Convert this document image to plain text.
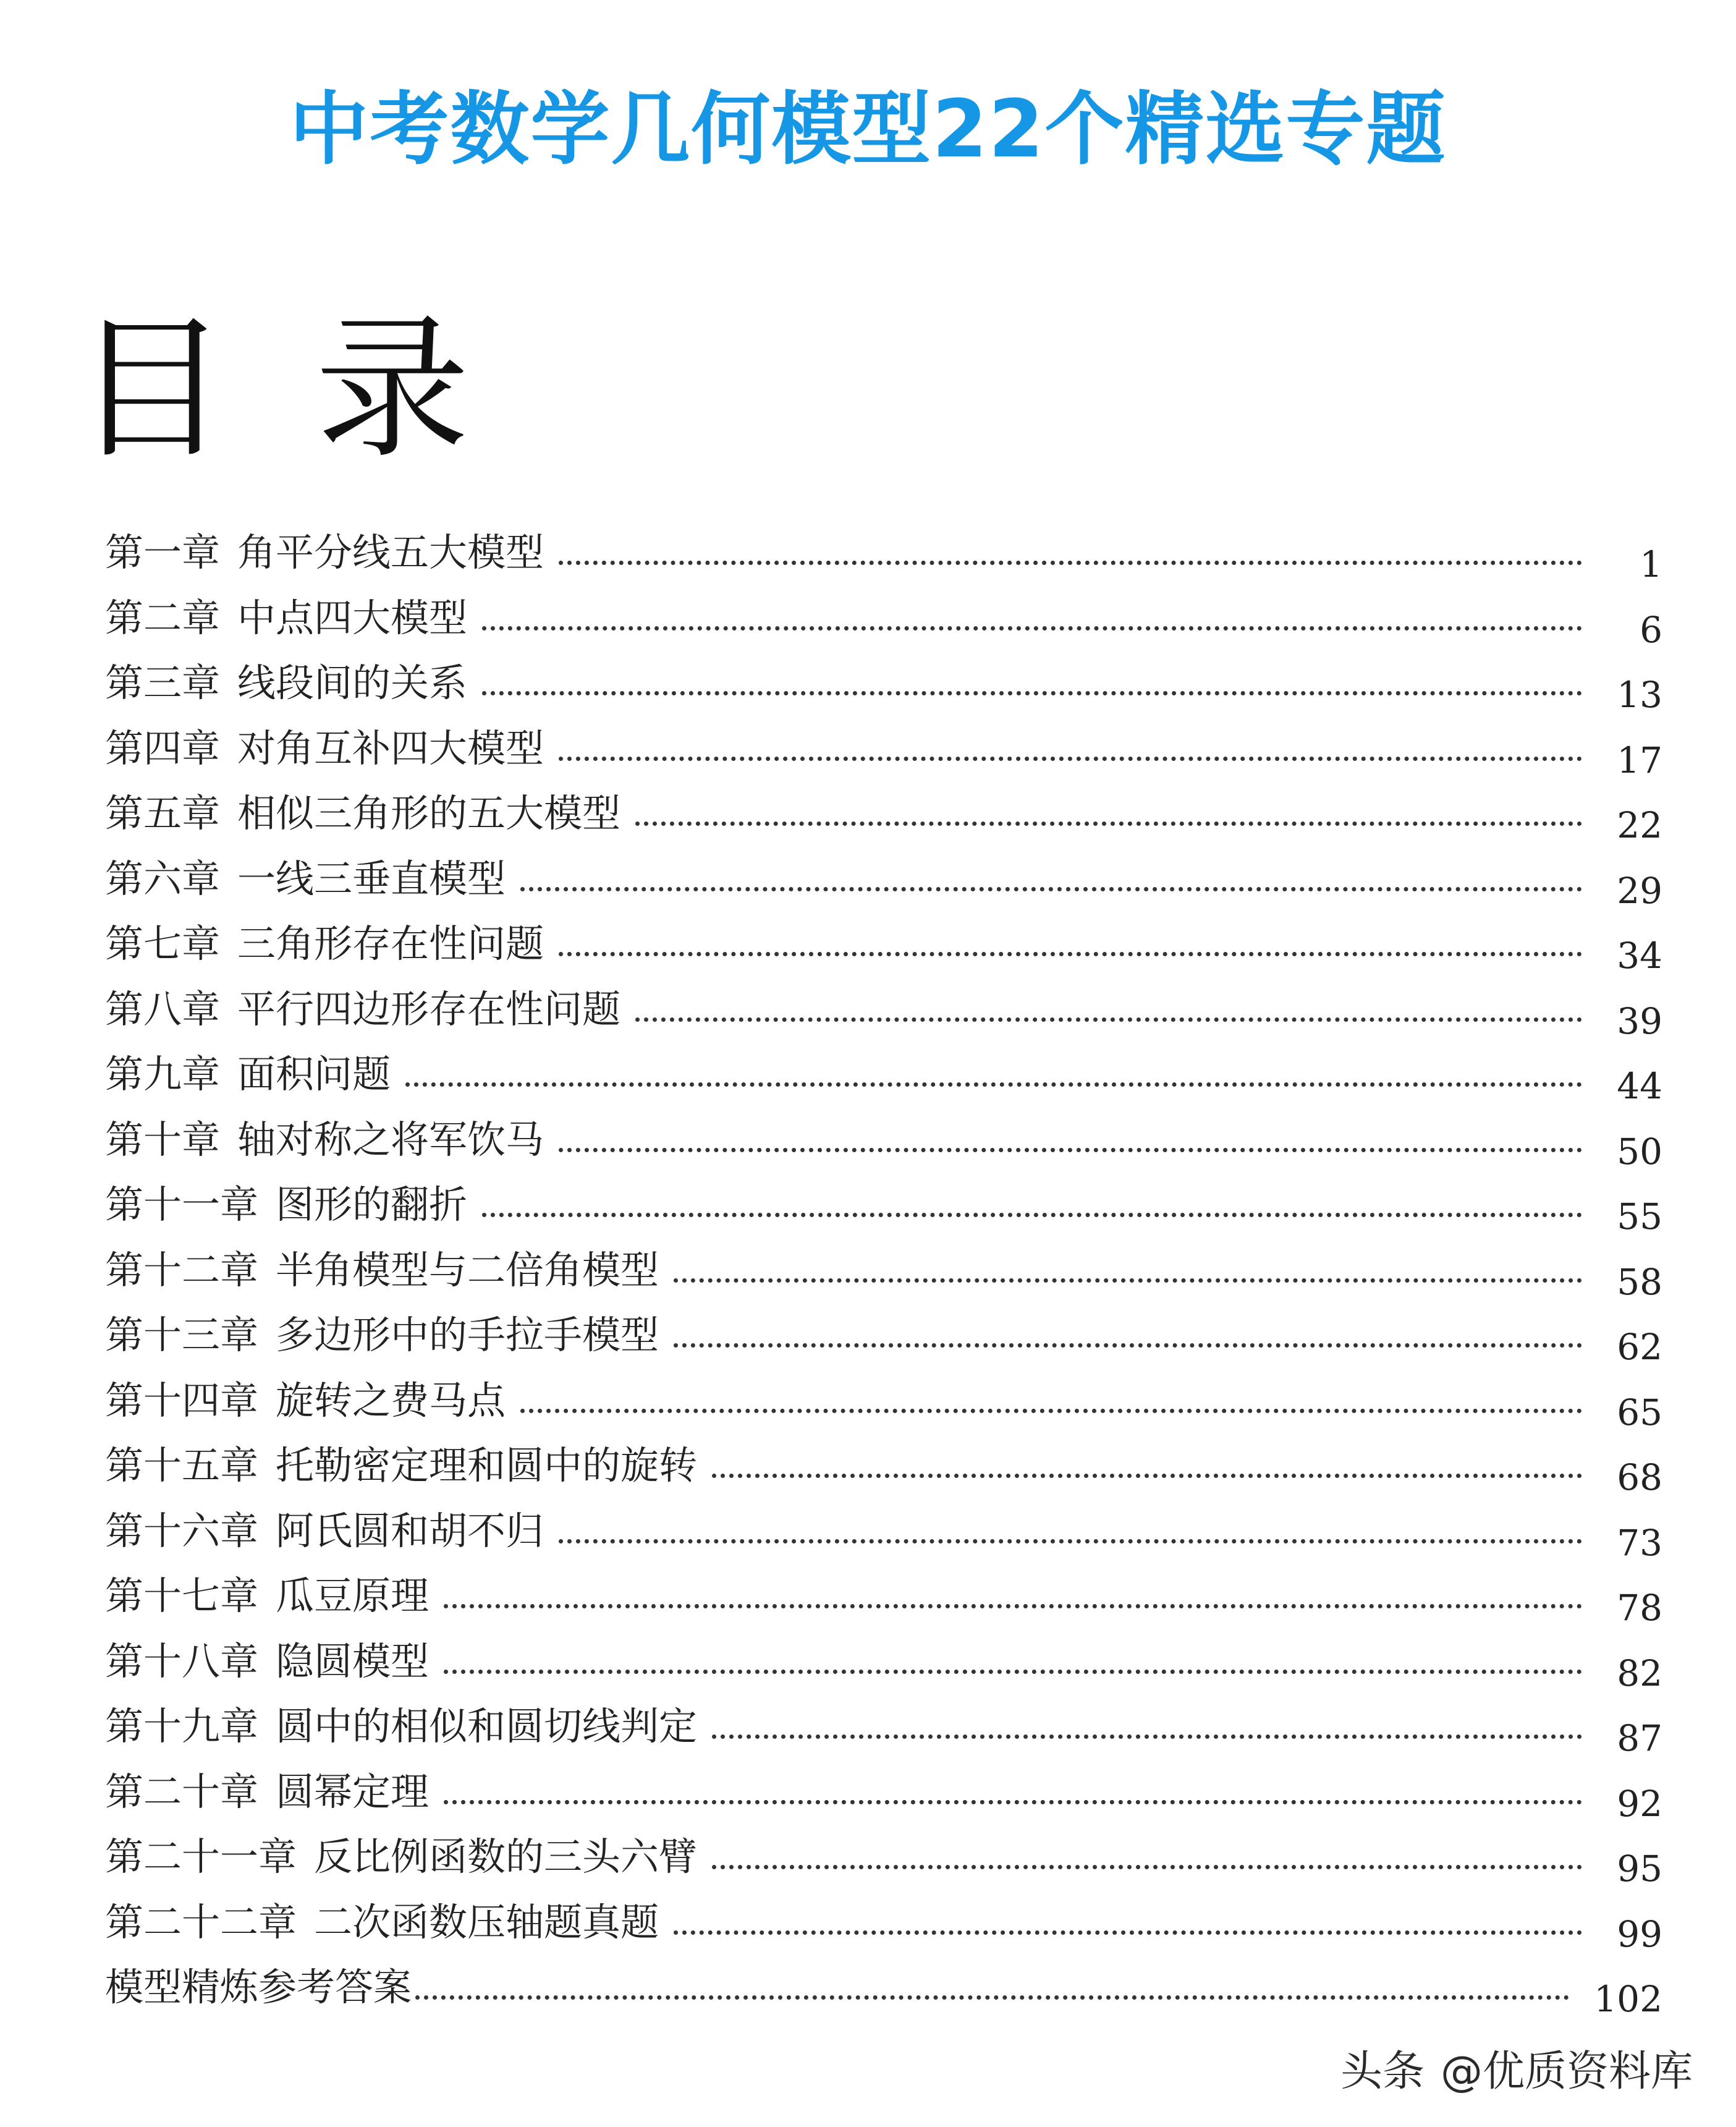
中考数学几何模型22个精选专题
目录
第一章 角平分线五大模型	1
第二章 中点四大模型	6
第三章 线段间的关系	13
第四章 对角互补四大模型	17
第五章 相似三角形的五大模型	22
第六章 一线三垂直模型	29
第七章 三角形存在性问题	34
第八章 平行四边形存在性问题	39
第九章 面积问题	44
第十章 轴对称之将军饮马	50
第十一章 图形的翻折	55
第十二章 半角模型与二倍角模型	58
第十三章 多边形中的手拉手模型	62
第十四章 旋转之费马点	65
第十五章 托勒密定理和圆中的旋转	68
第十六章 阿氏圆和胡不归	73
第十七章 瓜豆原理	78
第十八章 隐圆模型	82
第十九章 圆中的相似和圆切线判定	87
第二十章 圆幂定理	92
第二十一章 反比例函数的三头六臂	95
第二十二章 二次函数压轴题真题	99
模型精炼参考答案	102
头条 @优质资料库
